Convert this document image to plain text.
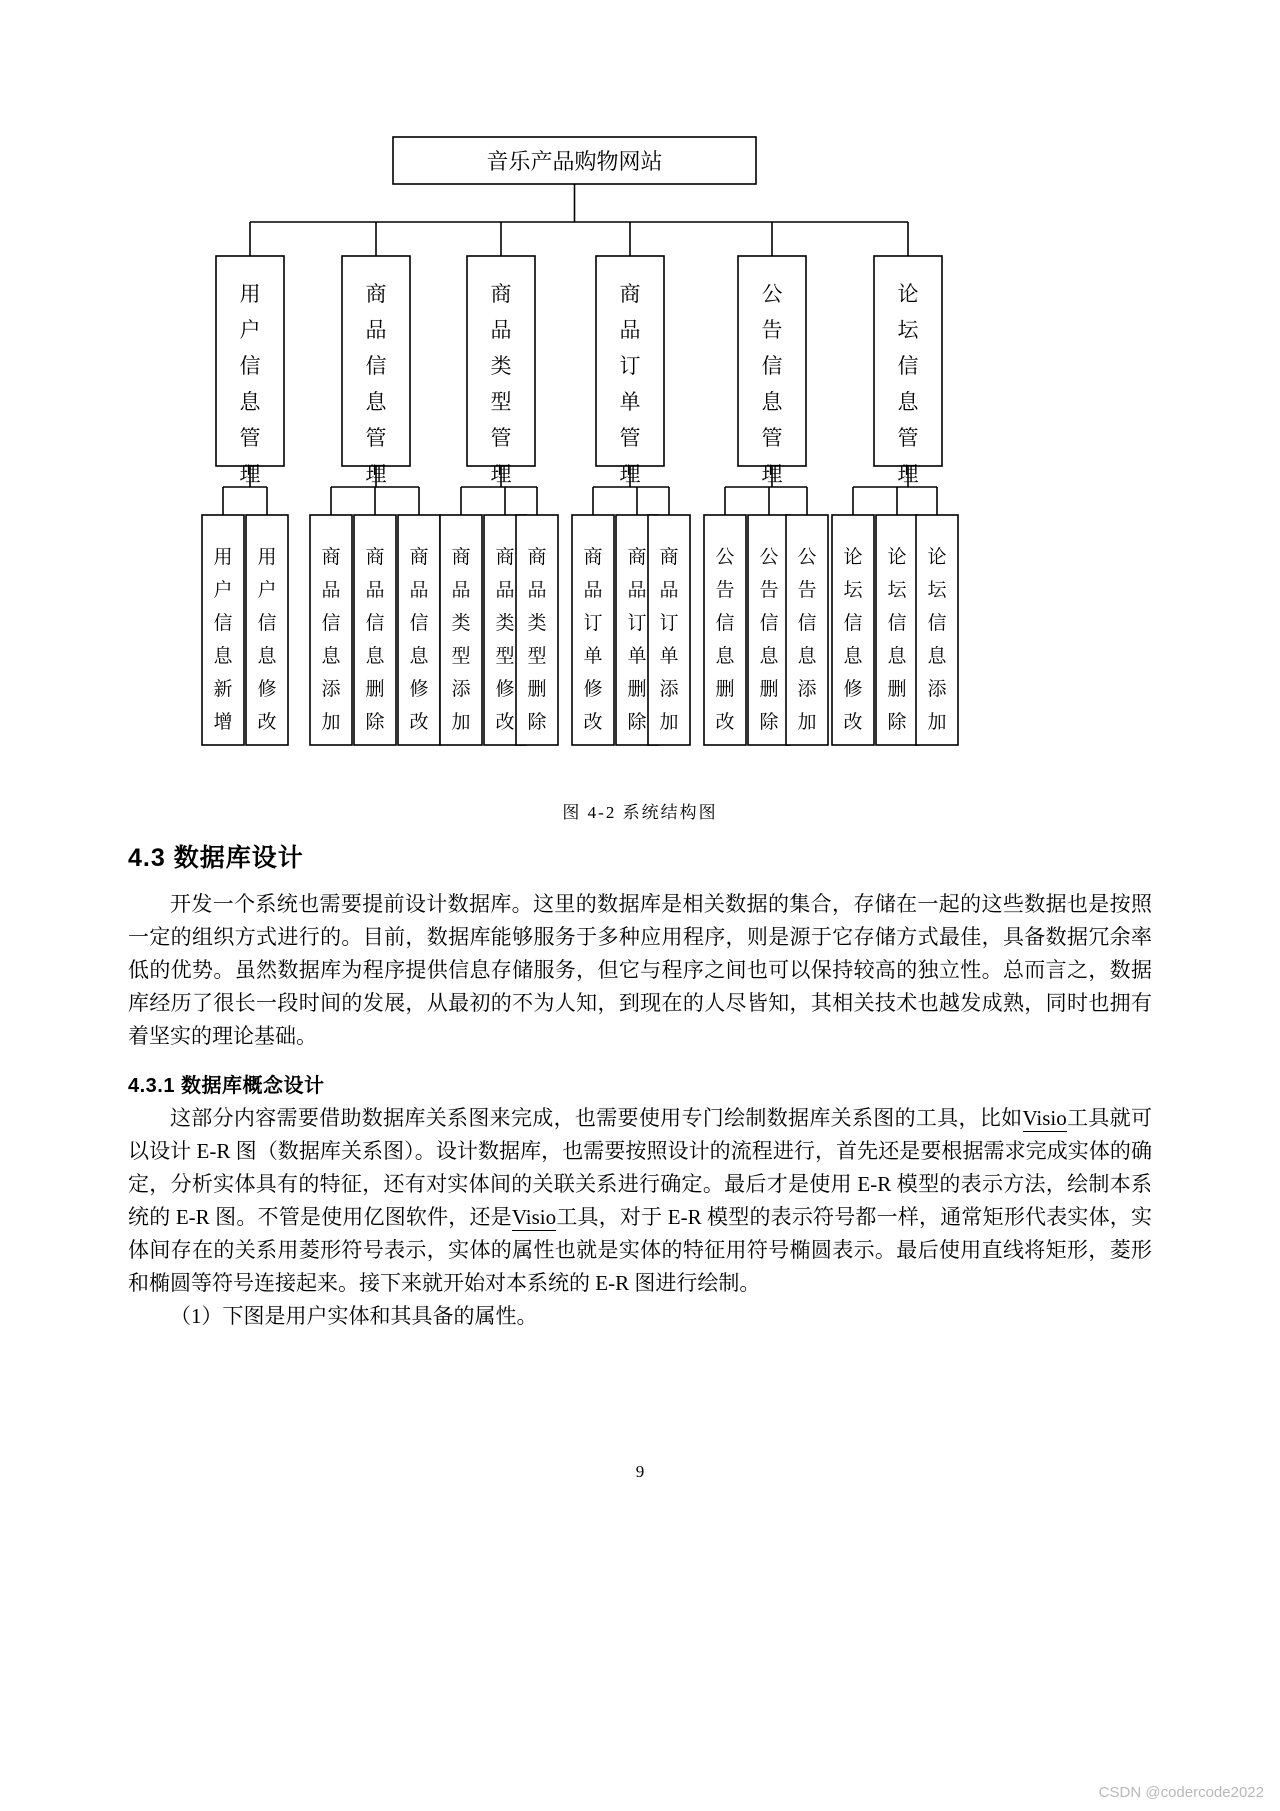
音乐产品购物网站
用户信息管理
商品信息管理
商品类型管理
商品订单管理
公告信息管理
论坛信息管理
用户信息新增
用户信息修改
商品信息添加
商品信息删除
商品信息修改
商品类型添加
商品类型修改
商品类型删除
商品订单修改
商品订单删除
商品订单添加
公告信息删改
公告信息删除
公告信息添加
论坛信息修改
论坛信息删除
论坛信息添加
图 4-2 系统结构图
4.3 数据库设计

开发一个系统也需要提前设计数据库。这里的数据库是相关数据的集合，存储在一起的这些数据也是按照一定的组织方式进行的。目前，数据库能够服务于多种应用程序，则是源于它存储方式最佳，具备数据冗余率低的优势。虽然数据库为程序提供信息存储服务，但它与程序之间也可以保持较高的独立性。总而言之，数据库经历了很长一段时间的发展，从最初的不为人知，到现在的人尽皆知，其相关技术也越发成熟，同时也拥有着坚实的理论基础。

4.3.1 数据库概念设计

这部分内容需要借助数据库关系图来完成，也需要使用专门绘制数据库关系图的工具，比如Visio工具就可以设计 E-R 图（数据库关系图）。设计数据库，也需要按照设计的流程进行，首先还是要根据需求完成实体的确定，分析实体具有的特征，还有对实体间的关联关系进行确定。最后才是使用 E-R 模型的表示方法，绘制本系统的 E-R 图。不管是使用亿图软件，还是Visio工具，对于 E-R 模型的表示符号都一样，通常矩形代表实体，实体间存在的关系用菱形符号表示，实体的属性也就是实体的特征用符号椭圆表示。最后使用直线将矩形，菱形和椭圆等符号连接起来。接下来就开始对本系统的 E-R 图进行绘制。

（1）下图是用户实体和其具备的属性。

9
CSDN @codercode2022
